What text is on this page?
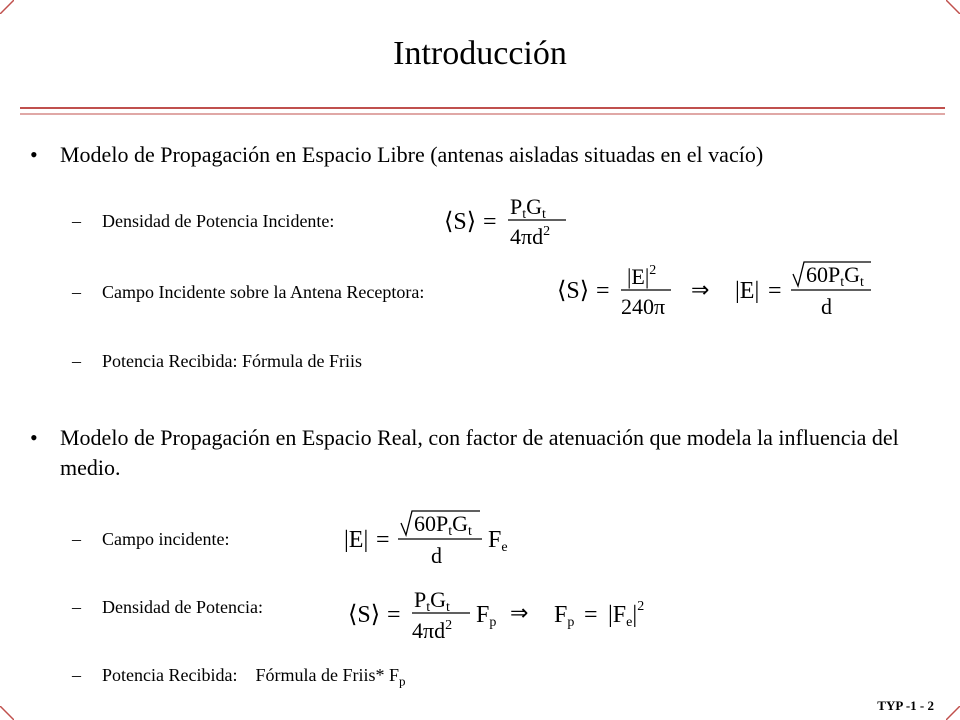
Introducción
• Modelo de Propagación en Espacio Libre (antenas aisladas situadas en el vacío)
– Densidad de Potencia Incidente:
– Campo Incidente sobre la Antena Receptora:
– Potencia Recibida: Fórmula de Friis
• Modelo de Propagación en Espacio Real, con factor de atenuación que modela la influencia del medio.
– Campo incidente:
– Densidad de Potencia:
– Potencia Recibida:    Fórmula de Friis* $F_p$
⟨S⟩ =
PtGt
$4\pi d^2$
⟨S⟩ =
$|E|^2$
240π
⇒ |E| =
60PtGt
d
|E| =
60PtGt
d
Fe
⟨S⟩ =
PtGt
$4\pi d^2$ Fp ⇒ $Fp = |Fe|^2$
TYP -1 - 2
